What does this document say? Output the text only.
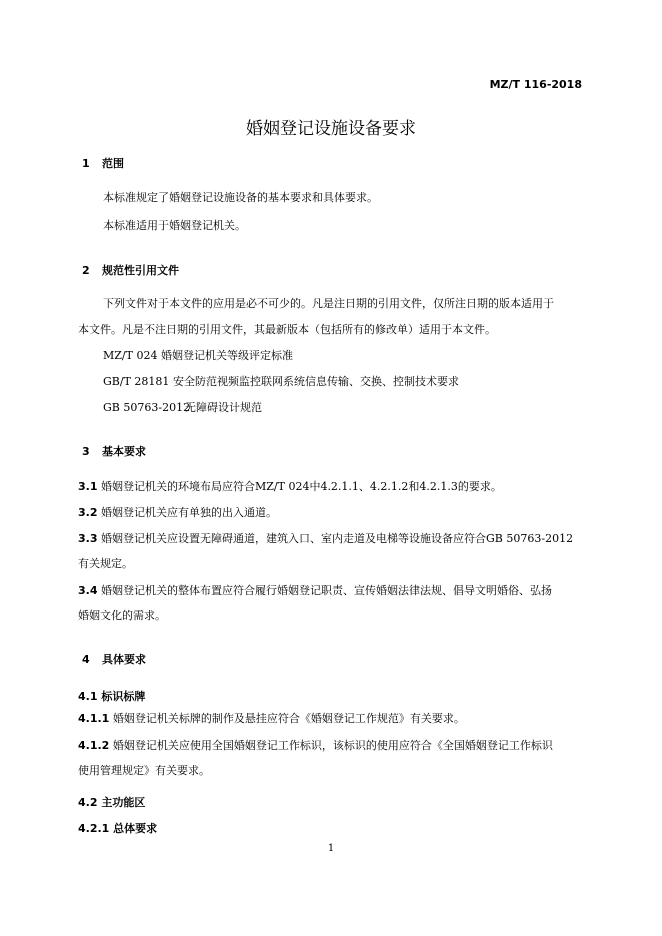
MZ/T 116-2018
婚姻登记设施设备要求
1 范围
本标准规定了婚姻登记设施设备的基本要求和具体要求。
本标准适用于婚姻登记机关。
2 规范性引用文件
下列文件对于本文件的应用是必不可少的。凡是注日期的引用文件，仅所注日期的版本适用于
本文件。凡是不注日期的引用文件，其最新版本（包括所有的修改单）适用于本文件。
MZ/T 024 婚姻登记机关等级评定标准
GB/T 28181 安全防范视频监控联网系统信息传输、交换、控制技术要求
GB 50763-2012无障碍设计规范
3 基本要求
3.1 婚姻登记机关的环境布局应符合MZ/T 024中4.2.1.1、4.2.1.2和4.2.1.3的要求。
3.2 婚姻登记机关应有单独的出入通道。
3.3 婚姻登记机关应设置无障碍通道，建筑入口、室内走道及电梯等设施设备应符合GB 50763-2012
有关规定。
3.4 婚姻登记机关的整体布置应符合履行婚姻登记职责、宣传婚姻法律法规、倡导文明婚俗、弘扬
婚姻文化的需求。
4 具体要求
4.1 标识标牌
4.1.1 婚姻登记机关标牌的制作及悬挂应符合《婚姻登记工作规范》有关要求。
4.1.2 婚姻登记机关应使用全国婚姻登记工作标识，该标识的使用应符合《全国婚姻登记工作标识
使用管理规定》有关要求。
4.2 主功能区
4.2.1 总体要求
1
